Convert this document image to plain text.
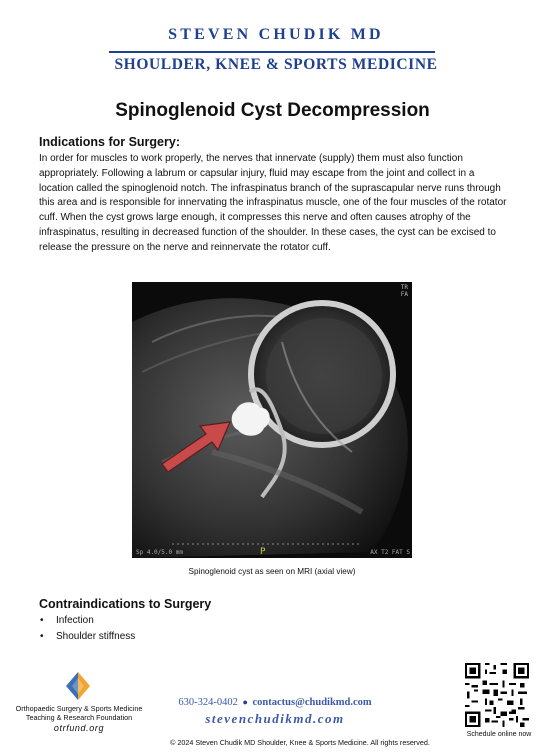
STEVEN CHUDIK MD
SHOULDER, KNEE & SPORTS MEDICINE
Spinoglenoid Cyst Decompression
Indications for Surgery:

In order for muscles to work properly, the nerves that innervate (supply) them must also function appropriately. Following a labrum or capsular injury, fluid may escape from the joint and collect in a location called the spinoglenoid notch. The infraspinatus branch of the suprascapular nerve runs through this area and is responsible for innervating the infraspinatus muscle, one of the four muscles of the rotator cuff. When the cyst grows large enough, it compresses this nerve and often causes atrophy of the infraspinatus, resulting in decreased function of the shoulder. In these cases, the cyst can be excised to release the pressure on the nerve and reinnervate the rotator cuff.

TR
FA
Sp 4.0/5.0 mm	P	AX T2 FAT S
Spinoglenoid cyst as seen on MRI (axial view)
Contraindications to Surgery
• Infection
• Shoulder stiffness
Orthopaedic Surgery & Sports Medicine
Teaching & Research Foundation
otrfund.org
630-324-0402 ● contactus@chudikmd.com
stevenchudikmd.com
Schedule online now
© 2024 Steven Chudik MD Shoulder, Knee & Sports Medicine. All rights reserved.
